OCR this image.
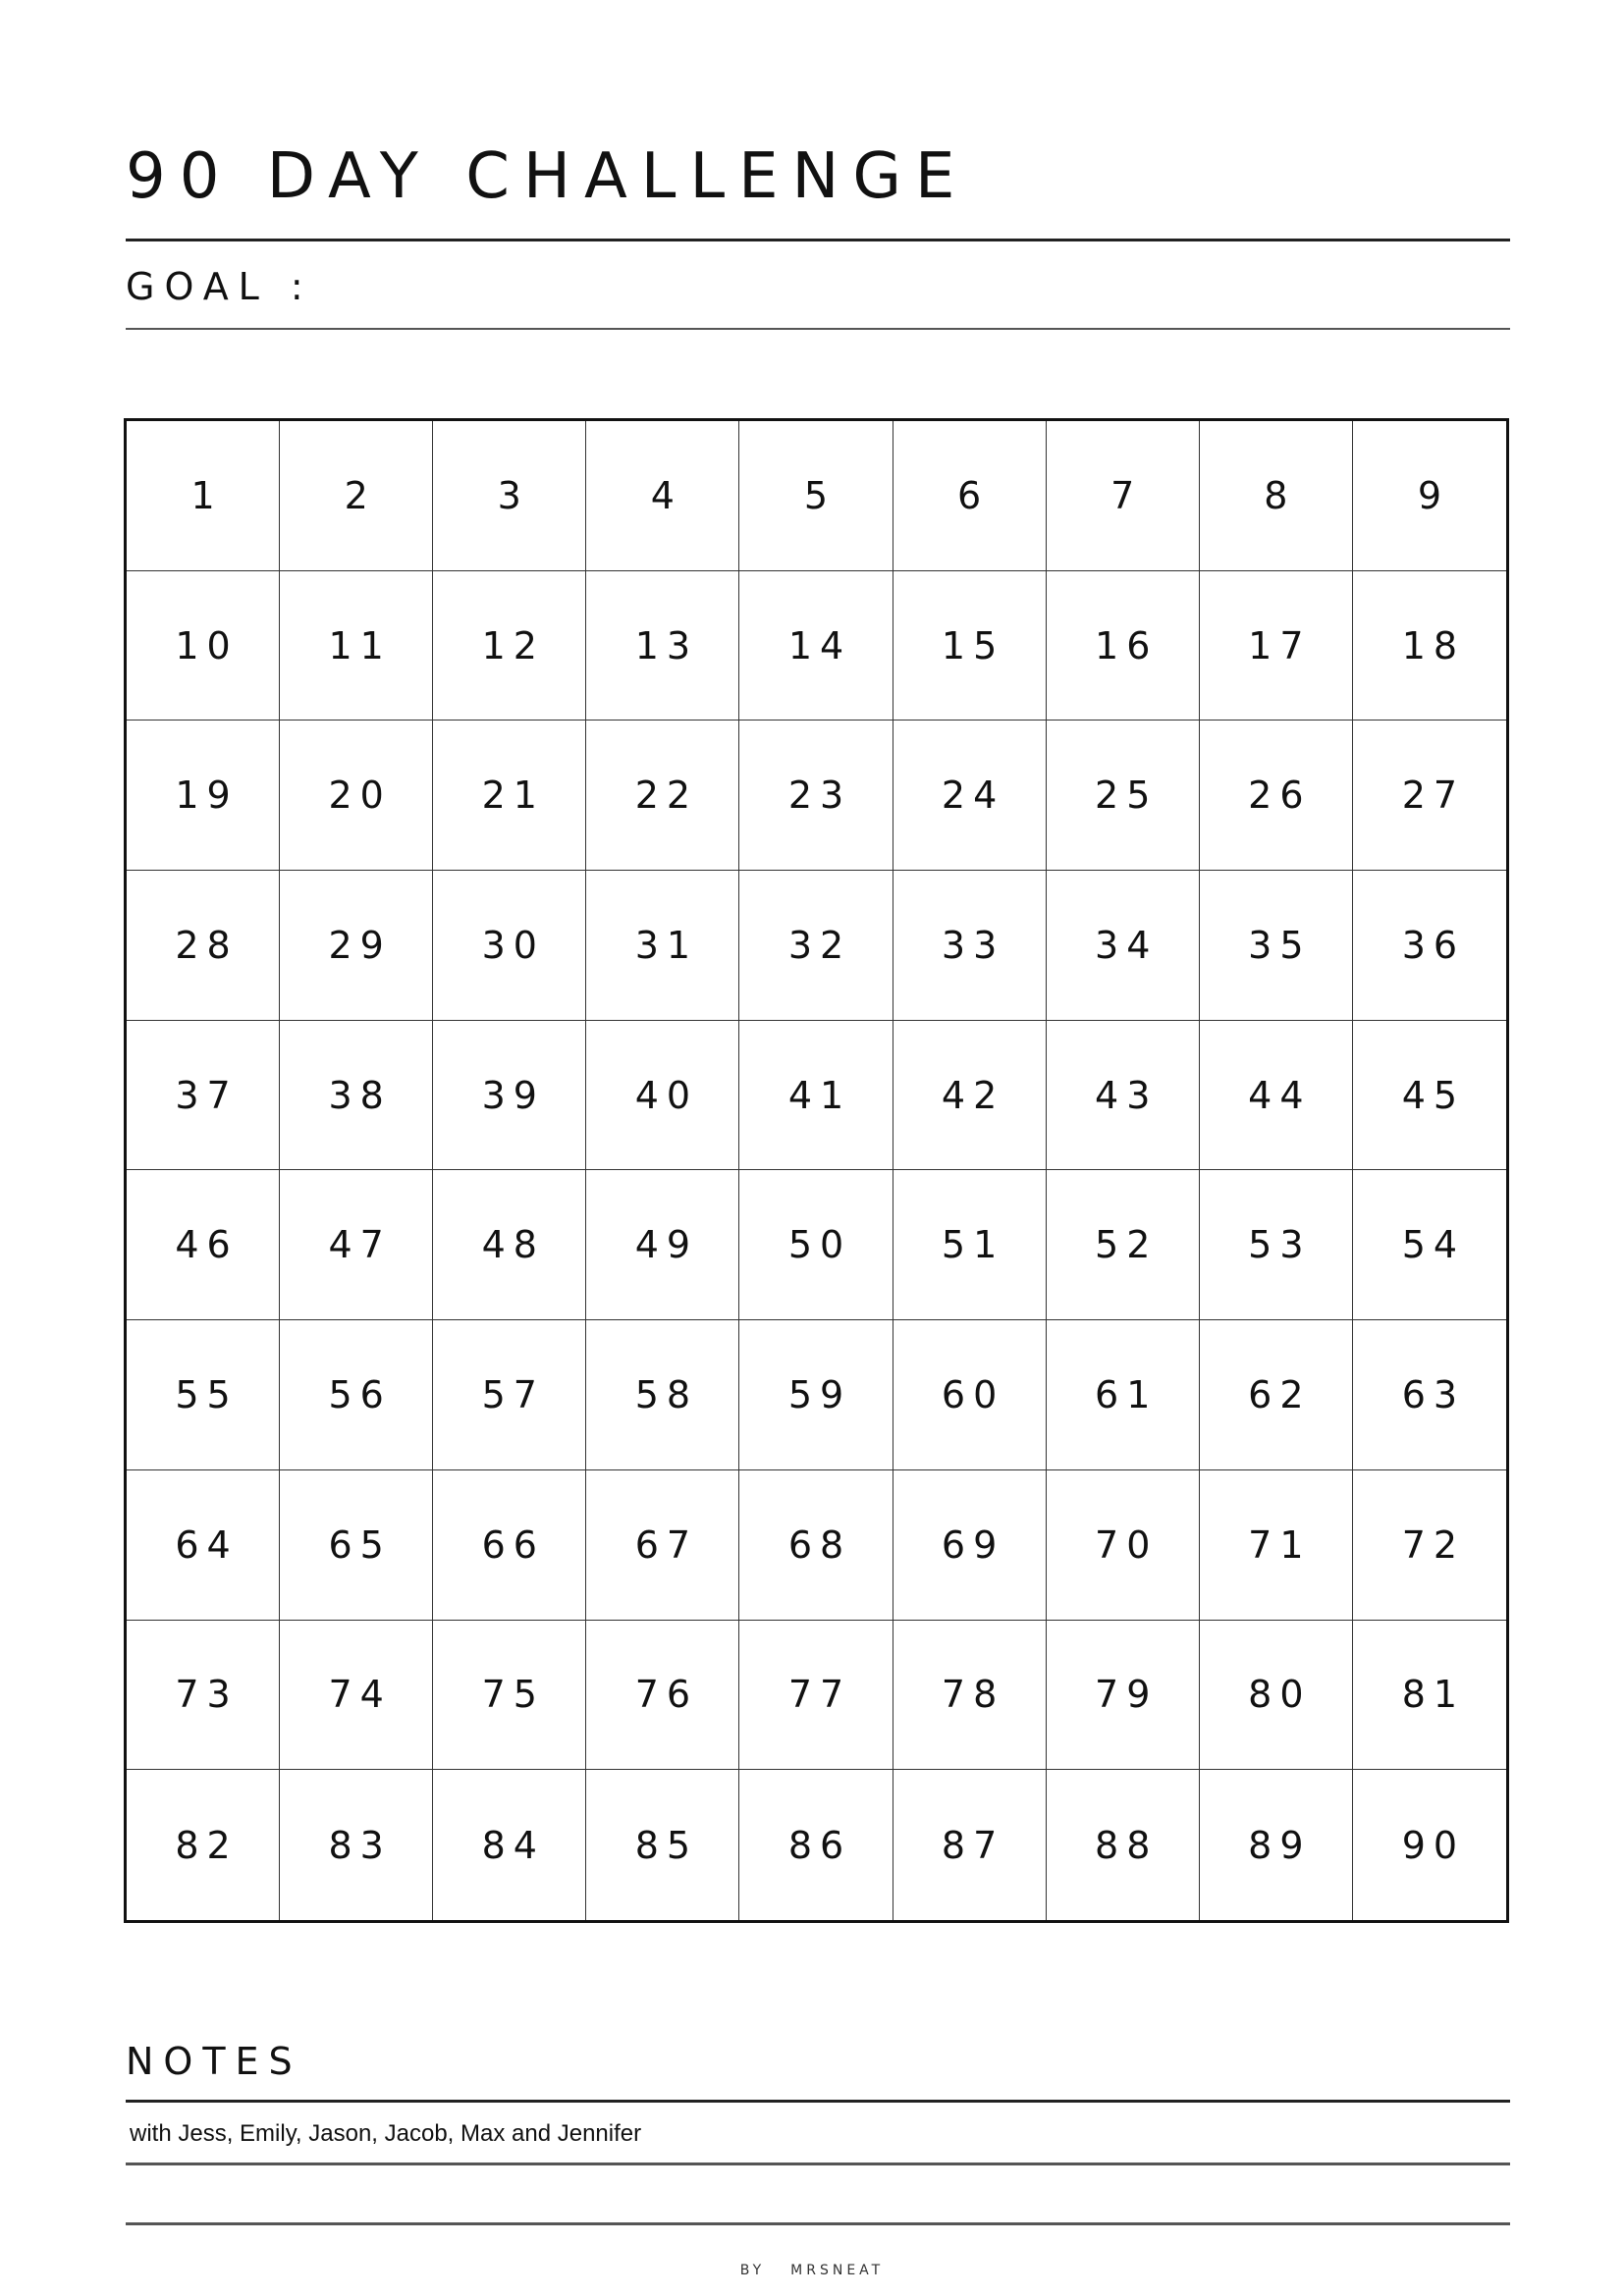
90 DAY CHALLENGE
GOAL :
1	2	3	4	5	6	7	8	9
10	11	12	13	14	15	16	17	18
19	20	21	22	23	24	25	26	27
28	29	30	31	32	33	34	35	36
37	38	39	40	41	42	43	44	45
46	47	48	49	50	51	52	53	54
55	56	57	58	59	60	61	62	63
64	65	66	67	68	69	70	71	72
73	74	75	76	77	78	79	80	81
82	83	84	85	86	87	88	89	90
NOTES
with Jess, Emily, Jason, Jacob, Max and Jennifer
BY MRSNEAT
